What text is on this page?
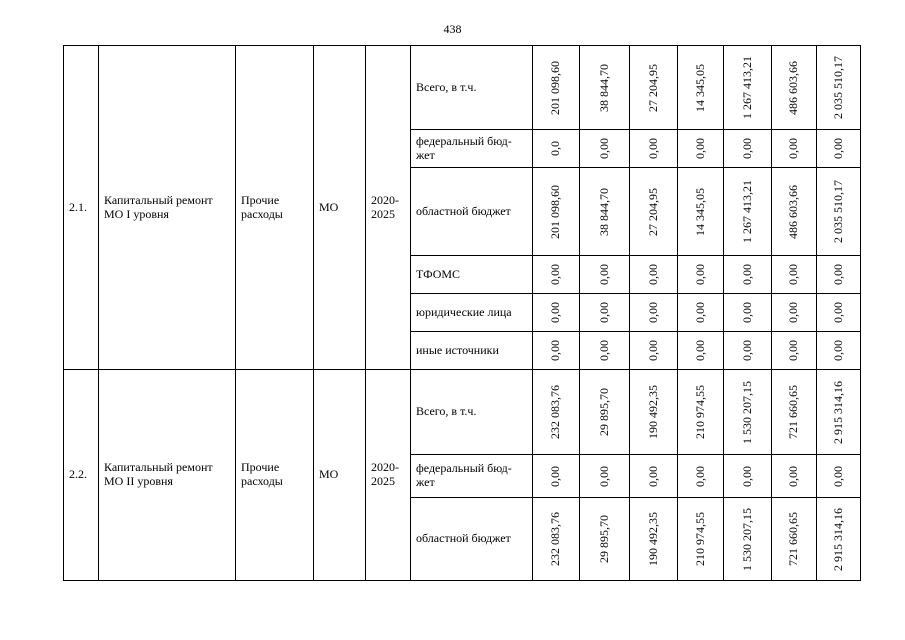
438
2.1.	Капитальный ремонт МО I уровня	Прочие расходы	МО	2020-2025	Всего, в т.ч.	201 098,60	38 844,70	27 204,95	14 345,05	1 267 413,21	486 603,66	2 035 510,17

					федеральный бюд-жет	0,0	0,00	0,00	0,00	0,00	0,00	0,00

					областной бюджет	201 098,60	38 844,70	27 204,95	14 345,05	1 267 413,21	486 603,66	2 035 510,17

					ТФОМС	0,00	0,00	0,00	0,00	0,00	0,00	0,00

					юридические лица	0,00	0,00	0,00	0,00	0,00	0,00	0,00

					иные источники	0,00	0,00	0,00	0,00	0,00	0,00	0,00

2.2.	Капитальный ремонт МО II уровня	Прочие расходы	МО	2020-2025	Всего, в т.ч.	232 083,76	29 895,70	190 492,35	210 974,55	1 530 207,15	721 660,65	2 915 314,16

					федеральный бюд-жет	0,00	0,00	0,00	0,00	0,00	0,00	0,00

					областной бюджет	232 083,76	29 895,70	190 492,35	210 974,55	1 530 207,15	721 660,65	2 915 314,16
